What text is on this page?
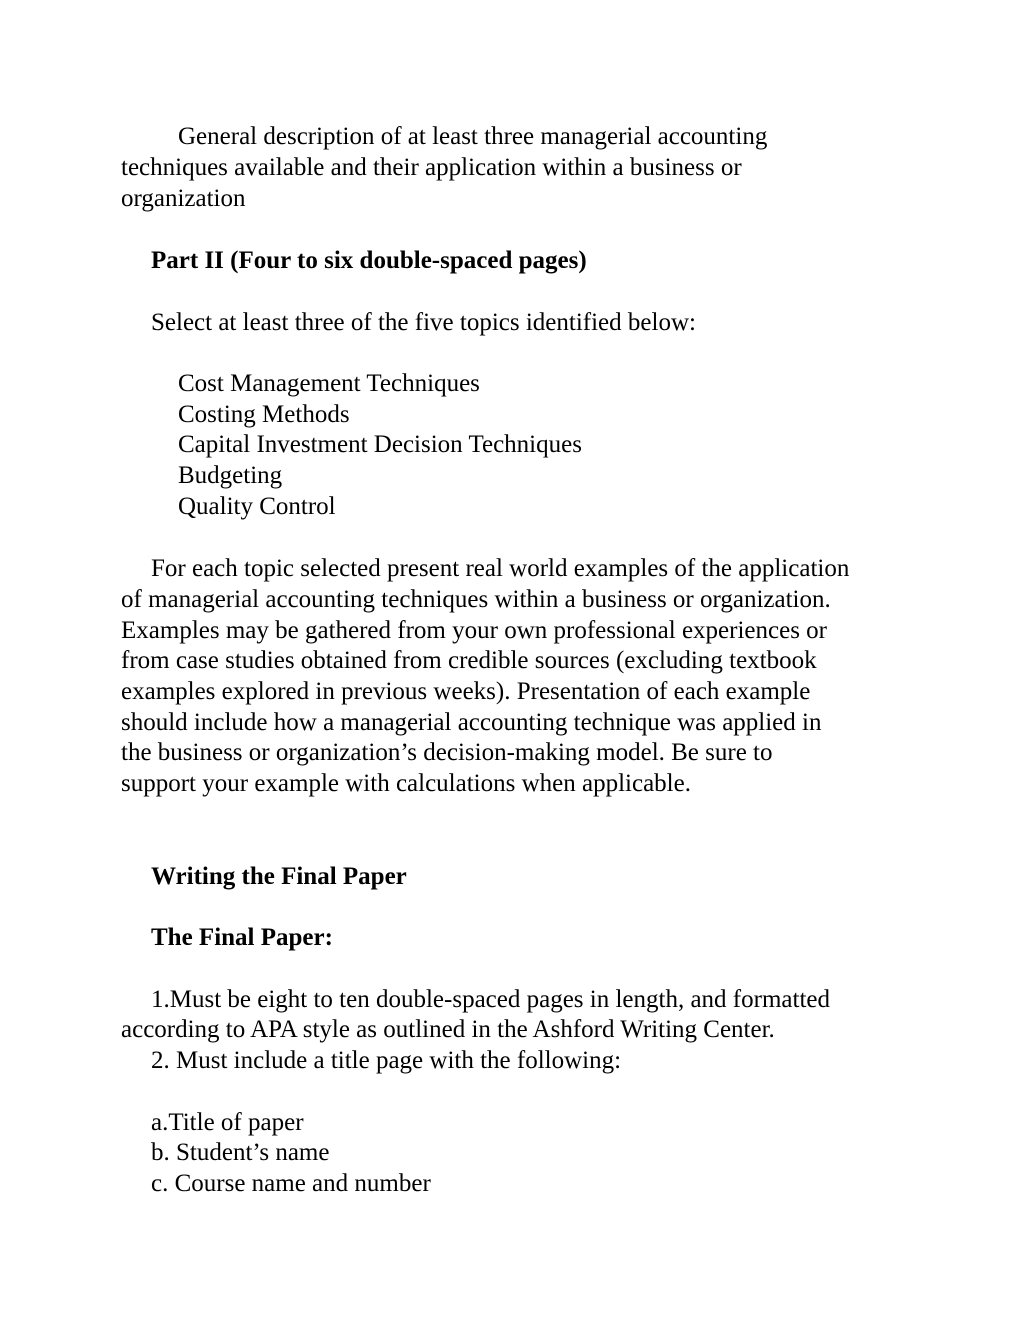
General description of at least three managerial accounting

techniques available and their application within a business or

organization

Part II (Four to six double-spaced pages)

Select at least three of the five topics identified below:

Cost Management Techniques

Costing Methods

Capital Investment Decision Techniques

Budgeting

Quality Control

For each topic selected present real world examples of the application

of managerial accounting techniques within a business or organization.

Examples may be gathered from your own professional experiences or

from case studies obtained from credible sources (excluding textbook

examples explored in previous weeks). Presentation of each example

should include how a managerial accounting technique was applied in

the business or organization’s decision-making model. Be sure to

support your example with calculations when applicable.

Writing the Final Paper

The Final Paper:

1.Must be eight to ten double-spaced pages in length, and formatted

according to APA style as outlined in the Ashford Writing Center.

2. Must include a title page with the following:

a.Title of paper

b. Student’s name

c. Course name and number
